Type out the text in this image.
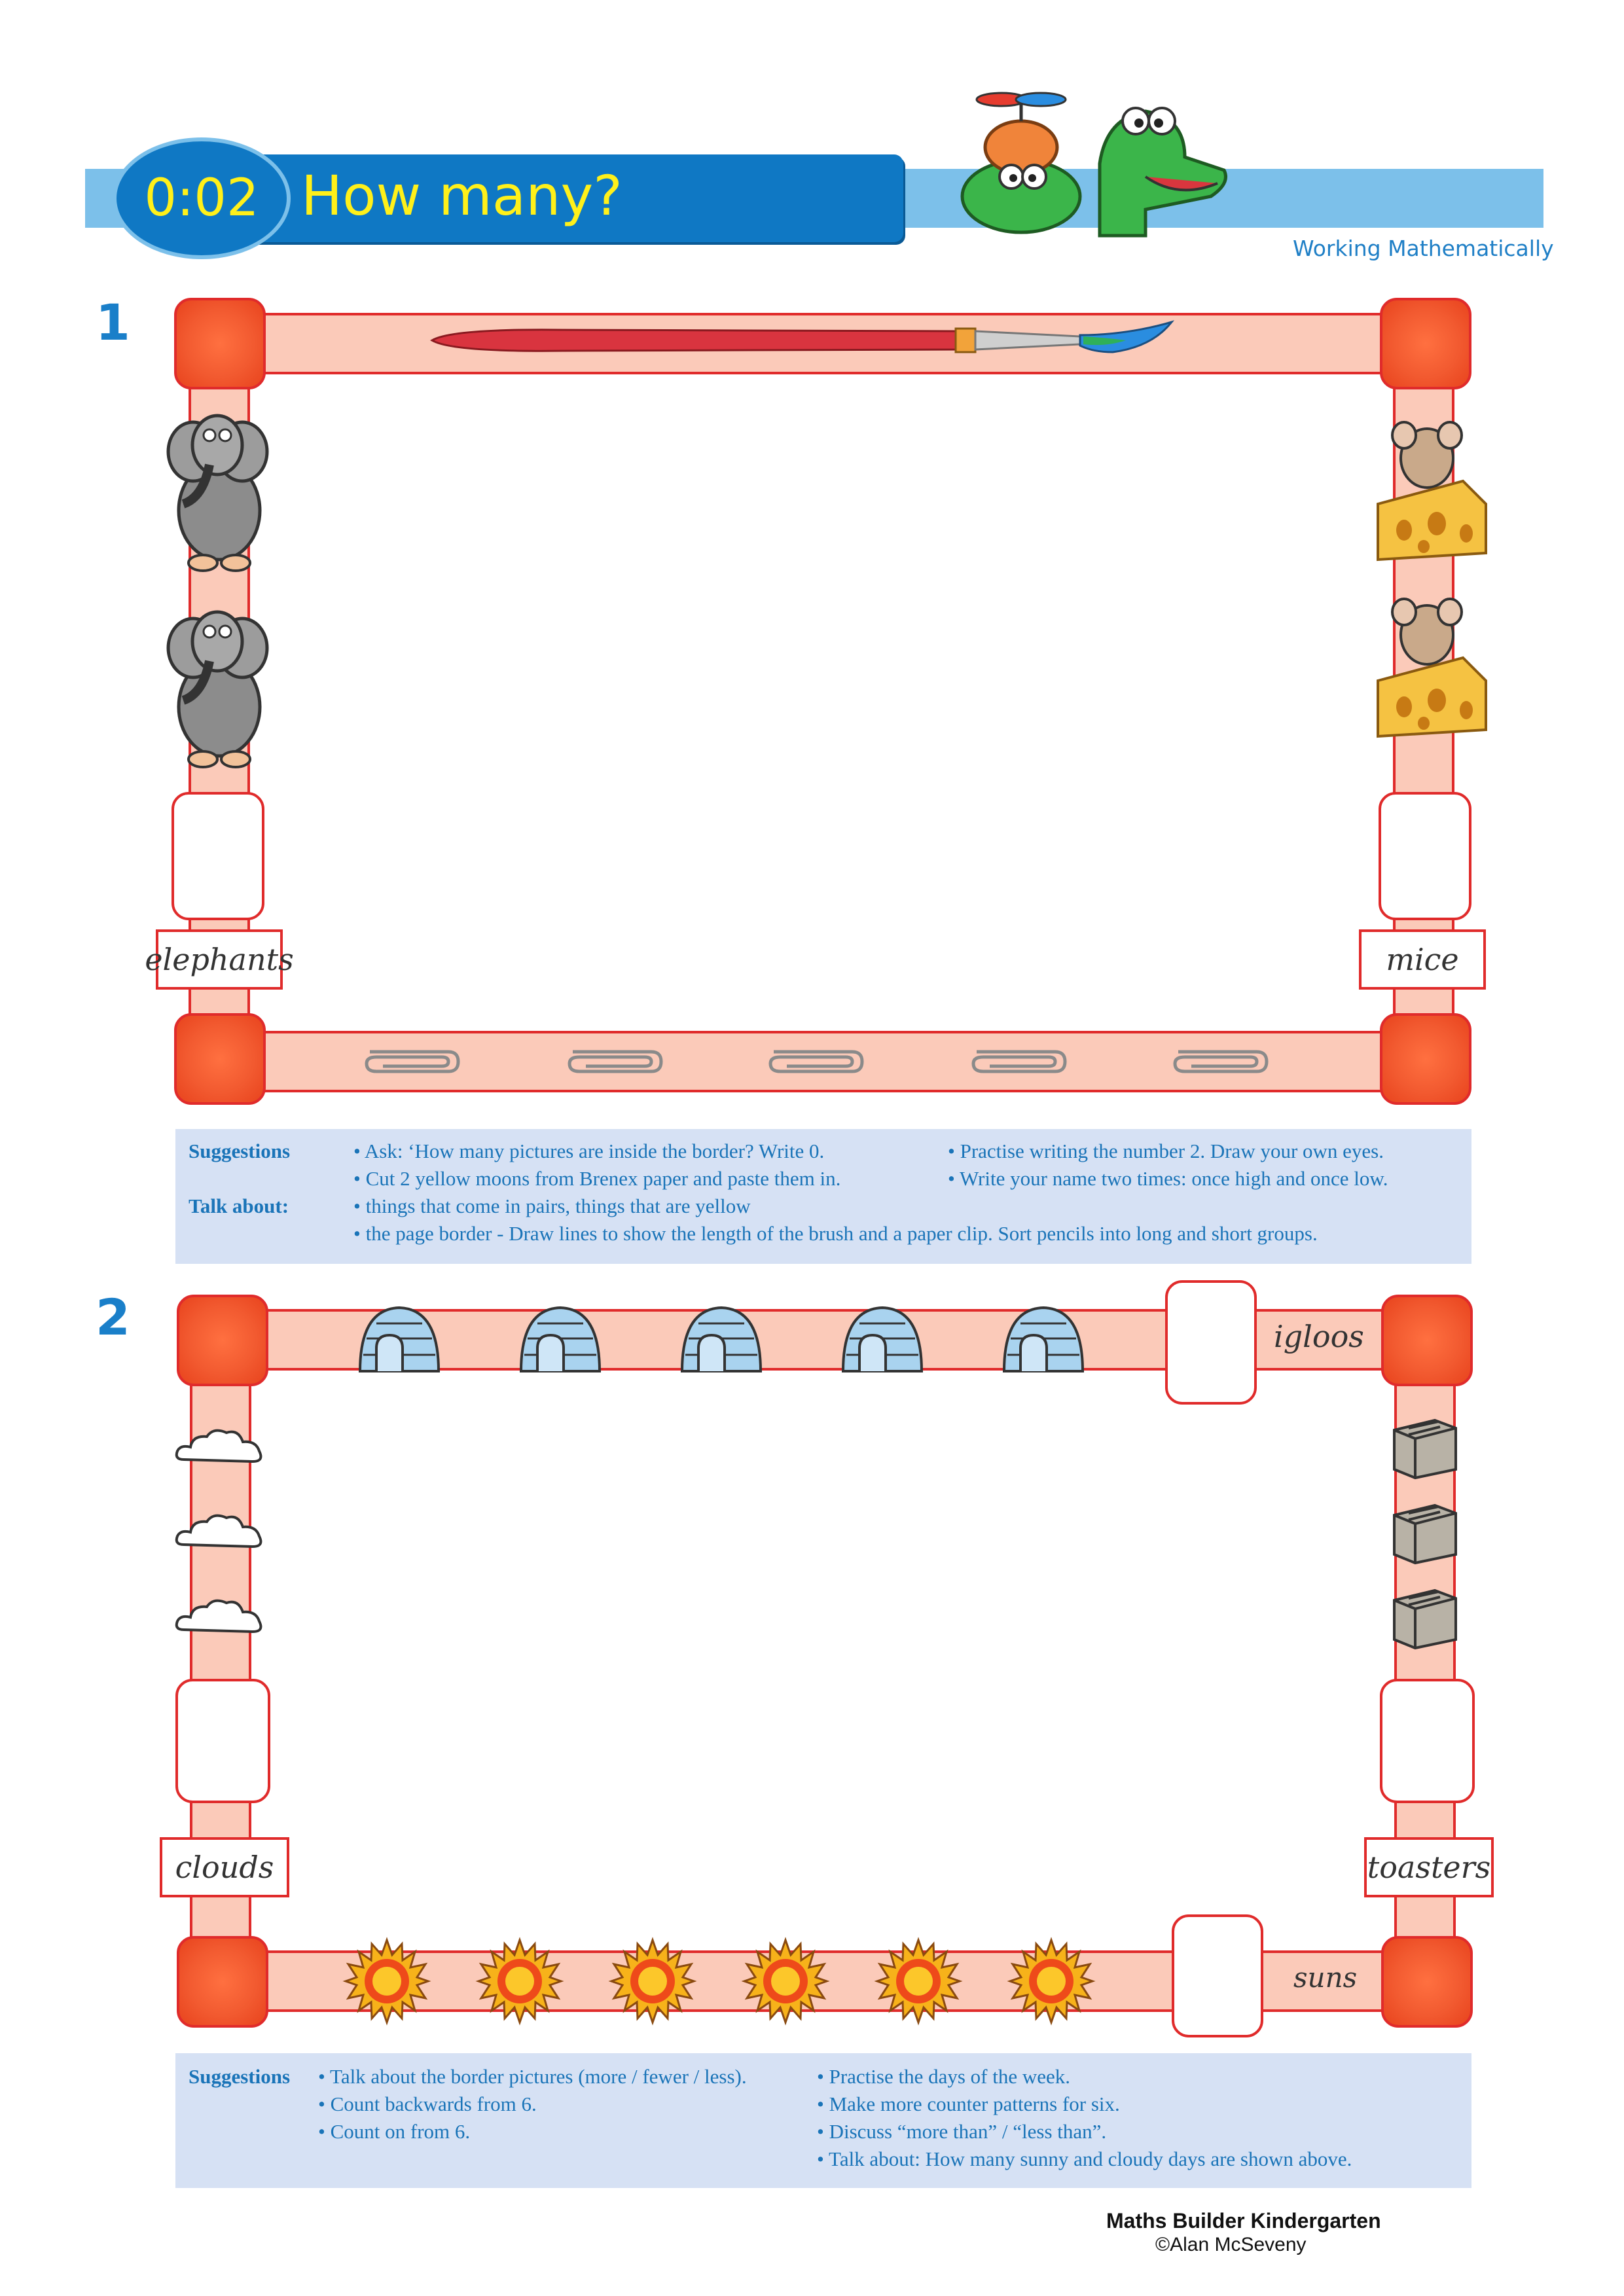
0:02 How many?
Working Mathematically
1
elephants	mice
Suggestions
Talk about:
• Ask: ‘How many pictures are inside the border? Write 0.
• Cut 2 yellow moons from Brenex paper and paste them in.
• Practise writing the number 2. Draw your own eyes.
• Write your name two times: once high and once low.
• things that come in pairs, things that are yellow
• the page border - Draw lines to show the length of the brush and a paper clip. Sort pencils into long and short groups.
2	igloos
clouds	toasters
suns
Suggestions • Talk about the border pictures (more / fewer / less).
• Count backwards from 6.
• Count on from 6.
• Practise the days of the week.
• Make more counter patterns for six.
• Discuss “more than” / “less than”.
• Talk about: How many sunny and cloudy days are shown above.
Maths Builder Kindergarten
©Alan McSeveny
